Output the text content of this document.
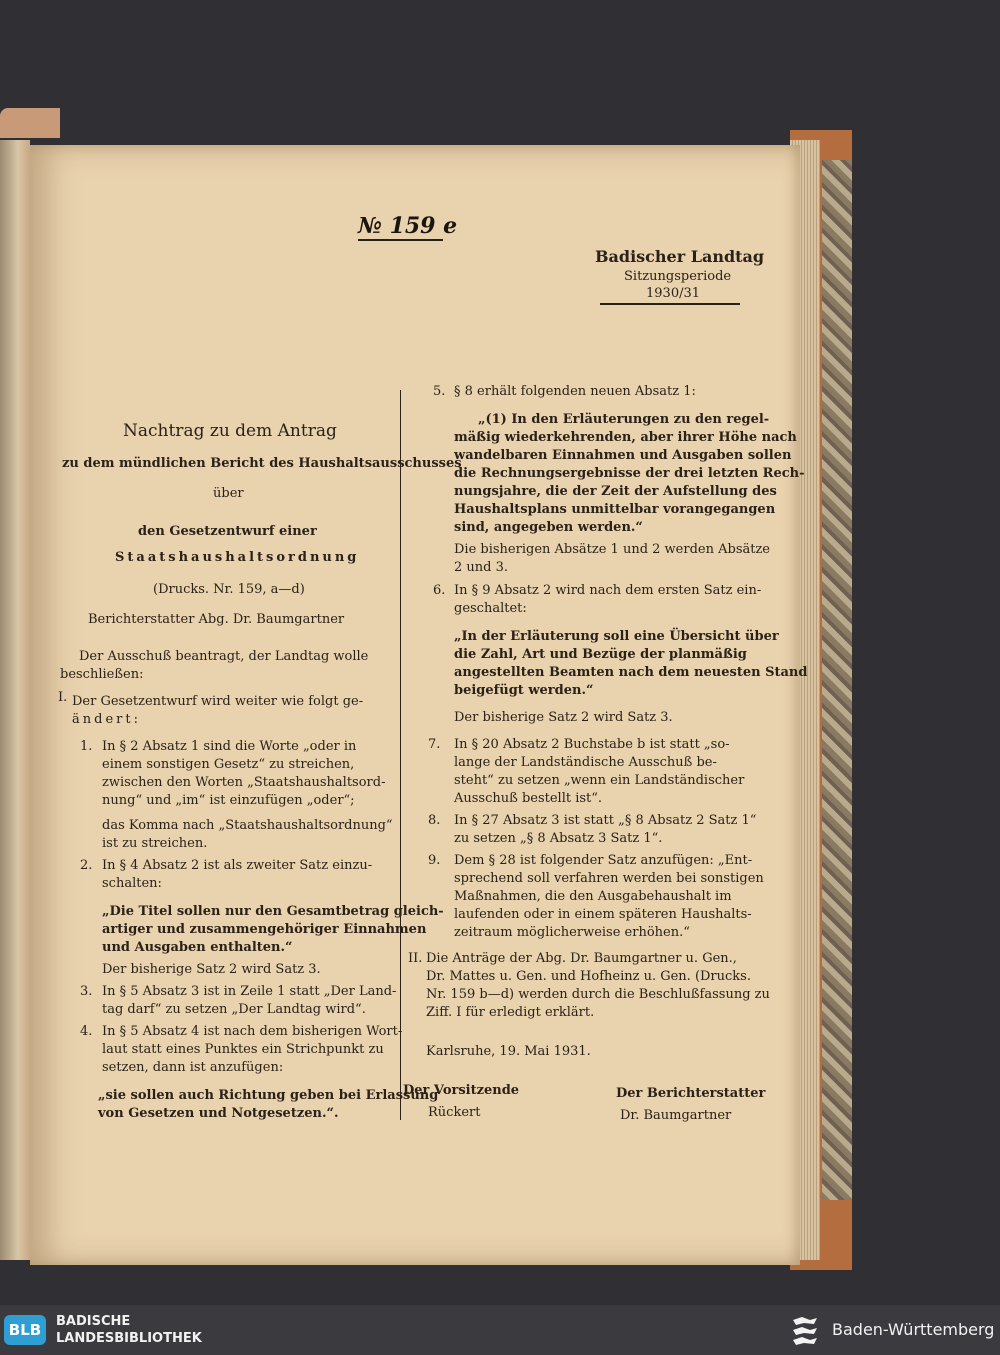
№ 159 e
Badischer Landtag
Sitzungsperiode
1930/31
Nachtrag zu dem Antrag
zu dem mündlichen Bericht des Haushaltsausschusses
über
den Gesetzentwurf einer
Staatshaushaltsordnung
(Drucks. Nr. 159, a—d)
Berichterstatter Abg. Dr. Baumgartner
Der Ausschuß beantragt, der Landtag wolle
beschließen:
I. Der Gesetzentwurf wird weiter wie folgt ge-
ändert:
1. In § 2 Absatz 1 sind die Worte „oder in
einem sonstigen Gesetz“ zu streichen,
zwischen den Worten „Staatshaushaltsord-
nung“ und „im“ ist einzufügen „oder“;
das Komma nach „Staatshaushaltsordnung“
ist zu streichen.
2. In § 4 Absatz 2 ist als zweiter Satz einzu-
schalten:
„Die Titel sollen nur den Gesamtbetrag gleich-
artiger und zusammengehöriger Einnahmen
und Ausgaben enthalten.“
Der bisherige Satz 2 wird Satz 3.
3. In § 5 Absatz 3 ist in Zeile 1 statt „Der Land-
tag darf“ zu setzen „Der Landtag wird“.
4. In § 5 Absatz 4 ist nach dem bisherigen Wort-
laut statt eines Punktes ein Strichpunkt zu
setzen, dann ist anzufügen:
„sie sollen auch Richtung geben bei Erlassung
von Gesetzen und Notgesetzen.“.
5. § 8 erhält folgenden neuen Absatz 1:
„(1) In den Erläuterungen zu den regel-
mäßig wiederkehrenden, aber ihrer Höhe nach
wandelbaren Einnahmen und Ausgaben sollen
die Rechnungsergebnisse der drei letzten Rech-
nungsjahre, die der Zeit der Aufstellung des
Haushaltsplans unmittelbar vorangegangen
sind, angegeben werden.“
Die bisherigen Absätze 1 und 2 werden Absätze
2 und 3.
6. In § 9 Absatz 2 wird nach dem ersten Satz ein-
geschaltet:
„In der Erläuterung soll eine Übersicht über
die Zahl, Art und Bezüge der planmäßig
angestellten Beamten nach dem neuesten Stand
beigefügt werden.“
Der bisherige Satz 2 wird Satz 3.
7. In § 20 Absatz 2 Buchstabe b ist statt „so-
lange der Landständische Ausschuß be-
steht“ zu setzen „wenn ein Landständischer
Ausschuß bestellt ist“.
8. In § 27 Absatz 3 ist statt „§ 8 Absatz 2 Satz 1“
zu setzen „§ 8 Absatz 3 Satz 1“.
9. Dem § 28 ist folgender Satz anzufügen: „Ent-
sprechend soll verfahren werden bei sonstigen
Maßnahmen, die den Ausgabehaushalt im
laufenden oder in einem späteren Haushalts-
zeitraum möglicherweise erhöhen.“
II. Die Anträge der Abg. Dr. Baumgartner u. Gen.,
Dr. Mattes u. Gen. und Hofheinz u. Gen. (Drucks.
Nr. 159 b—d) werden durch die Beschlußfassung zu
Ziff. I für erledigt erklärt.
Karlsruhe, 19. Mai 1931.
Der Vorsitzende
Rückert
Der Berichterstatter
Dr. Baumgartner
BLB	BADISCHE
LANDESBIBLIOTHEK	Baden-Württemberg
